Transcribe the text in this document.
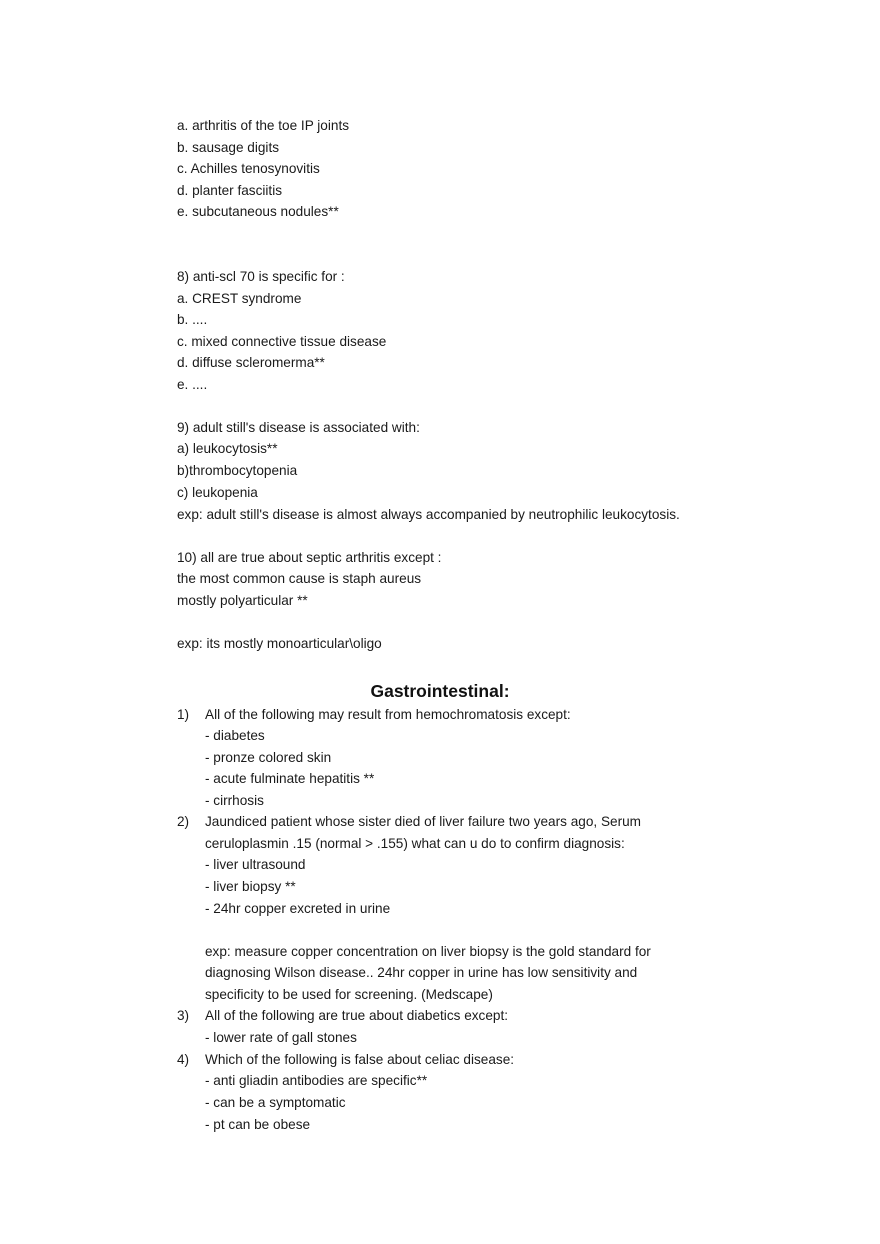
a. arthritis of the toe IP joints
b. sausage digits
c. Achilles tenosynovitis
d. planter fasciitis
e. subcutaneous nodules**
8) anti-scl 70 is specific for :
a. CREST syndrome
b. ....
c. mixed connective tissue disease
d. diffuse scleromerma**
e. ....
9) adult still's disease is associated with:
a) leukocytosis**
b)thrombocytopenia
c) leukopenia
exp: adult still's disease is almost always accompanied by neutrophilic leukocytosis.
10) all are true about septic arthritis except :
the most common cause is staph aureus
mostly polyarticular **
exp: its mostly monoarticular\oligo
Gastrointestinal:
1) All of the following may result from hemochromatosis except:
- diabetes
- pronze colored skin
- acute fulminate hepatitis **
- cirrhosis
2) Jaundiced patient whose sister died of liver failure two years ago, Serum
ceruloplasmin .15 (normal > .155) what can u do to confirm diagnosis:
- liver ultrasound
- liver biopsy **
- 24hr copper excreted in urine
exp: measure copper concentration on liver biopsy is the gold standard for
diagnosing Wilson disease.. 24hr copper in urine has low sensitivity and
specificity to be used for screening. (Medscape)
3) All of the following are true about diabetics except:
- lower rate of gall stones
4) Which of the following is false about celiac disease:
- anti gliadin antibodies are specific**
- can be a symptomatic
- pt can be obese
